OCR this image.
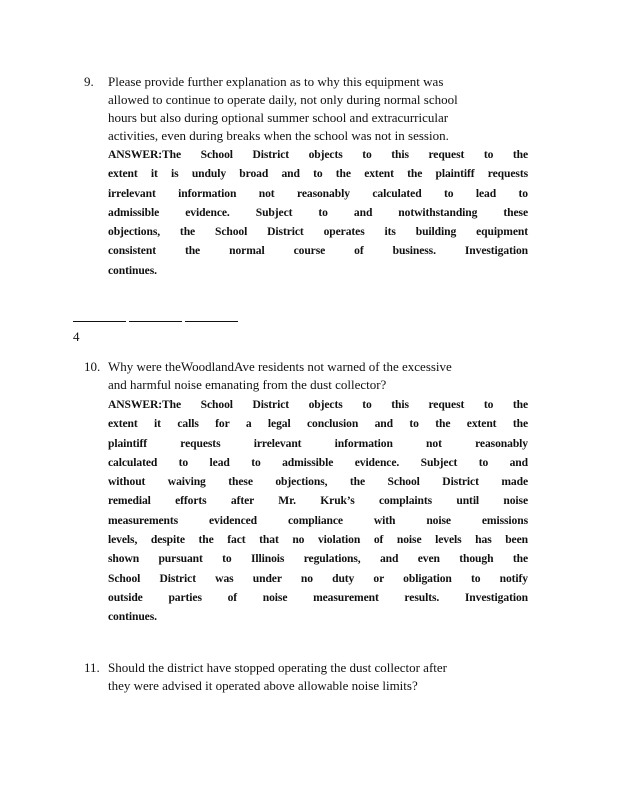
9.	Please provide further explanation as to why this equipment was
allowed to continue to operate daily, not only during normal school
hours but also during optional summer school and extracurricular
activities, even during breaks when the school was not in session.
ANSWER:The School District objects to this request to the
extent it is unduly broad and to the extent the plaintiff requests
irrelevant information not reasonably calculated to lead to
admissible evidence. Subject to and notwithstanding these
objections, the School District operates its building equipment
consistent the normal course of business. Investigation
continues.
4
10. Why were theWoodlandAve residents not warned of the excessive
and harmful noise emanating from the dust collector?
ANSWER:The School District objects to this request to the
extent it calls for a legal conclusion and to the extent the
plaintiff requests irrelevant information not reasonably
calculated to lead to admissible evidence. Subject to and
without waiving these objections, the School District made
remedial efforts after Mr. Kruk’s complaints until noise
measurements evidenced compliance with noise emissions
levels, despite the fact that no violation of noise levels has been
shown pursuant to Illinois regulations, and even though the
School District was under no duty or obligation to notify
outside parties of noise measurement results. Investigation
continues.
11. Should the district have stopped operating the dust collector after
they were advised it operated above allowable noise limits?
